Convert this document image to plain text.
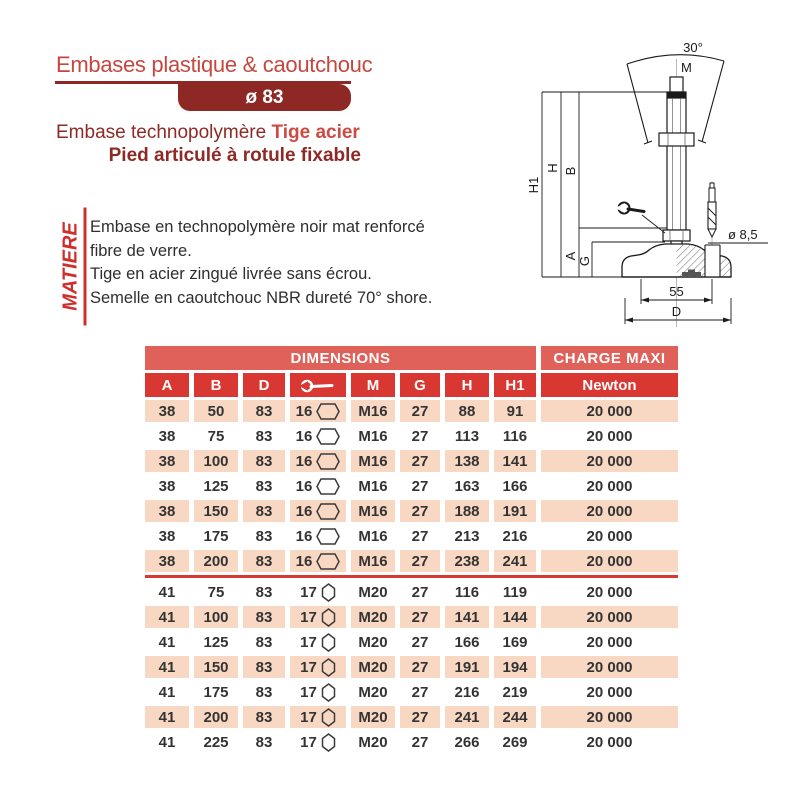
Embases plastique & caoutchouc
ø 83
Embase technopolymère Tige acier
Pied articulé à rotule fixable
MATIERE Embase en technopolymère noir mat renforcé
fibre de verre.
Tige en acier zingué livrée sans écrou.
Semelle en caoutchouc NBR dureté 70° shore.
30°
M
H1
H B
A G
ø 8,5
55
D
DIMENSIONS								CHARGE MAXI
A	B	D		M	G	H	H1	Newton
38	50	83	16	M16	27	88	91	20 000
38	75	83	16	M16	27	113	116	20 000
38	100	83	16	M16	27	138	141	20 000
38	125	83	16	M16	27	163	166	20 000
38	150	83	16	M16	27	188	191	20 000
38	175	83	16	M16	27	213	216	20 000
38	200	83	16	M16	27	238	241	20 000

41	75	83	17	M20	27	116	119	20 000
41	100	83	17	M20	27	141	144	20 000
41	125	83	17	M20	27	166	169	20 000
41	150	83	17	M20	27	191	194	20 000
41	175	83	17	M20	27	216	219	20 000
41	200	83	17	M20	27	241	244	20 000
41	225	83	17	M20	27	266	269	20 000
